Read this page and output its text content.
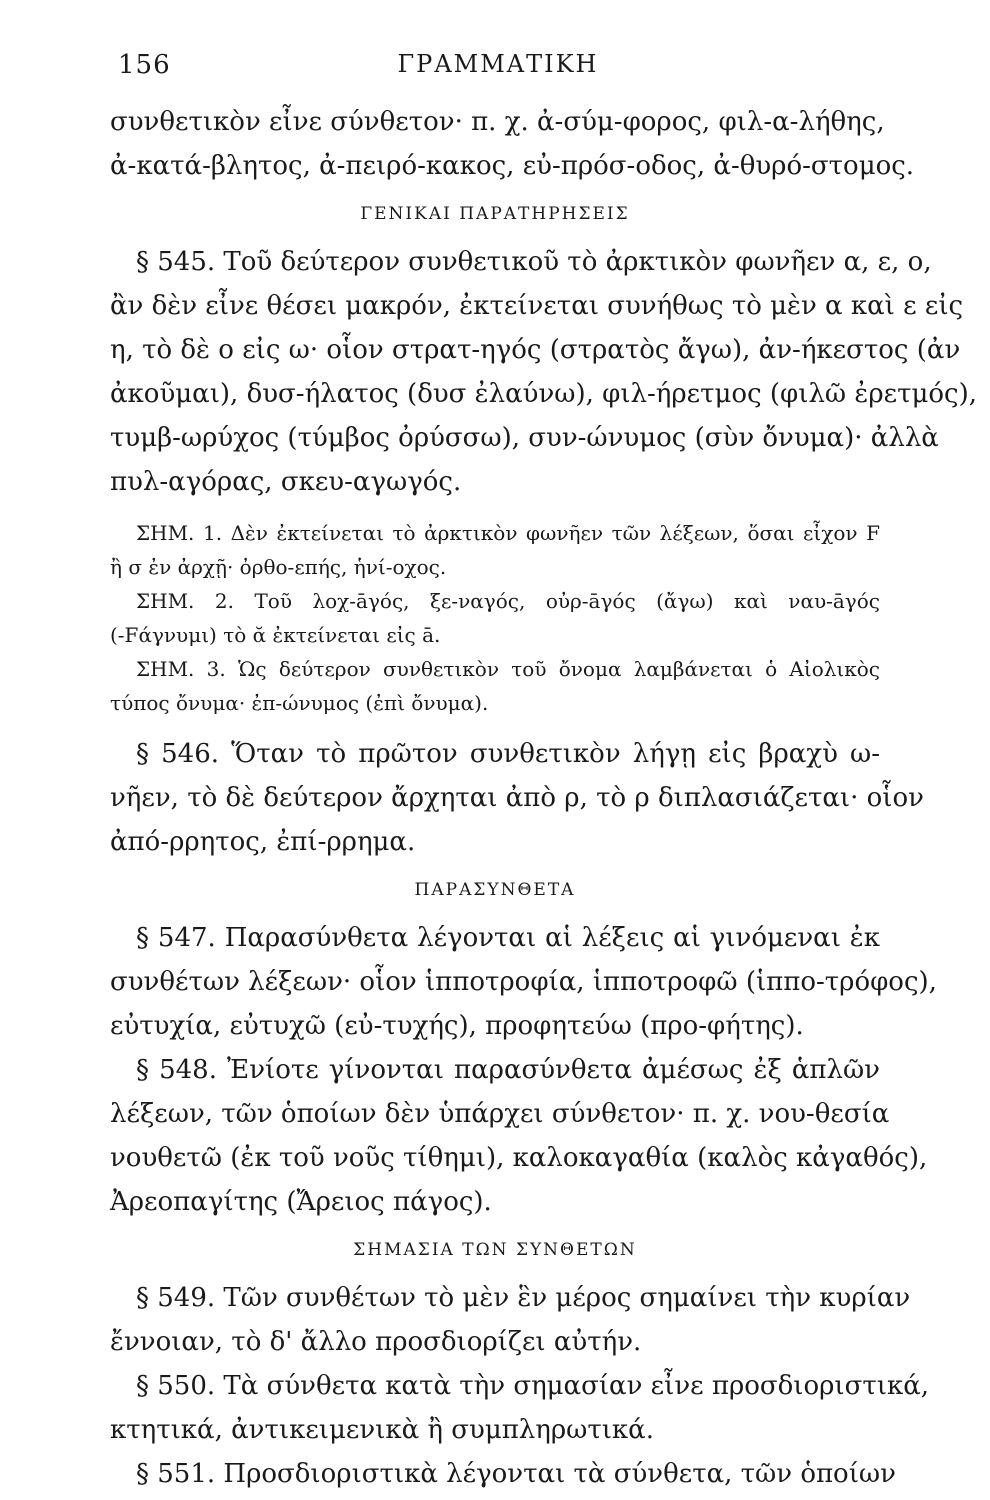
156	ΓΡΑΜΜΑΤΙΚΗ
συνθετικὸν εἶνε σύνθετον· π. χ. ἀ-σύμ-φορος, φιλ-α-λήθης,
ἀ-κατά-βλητος, ἀ-πειρό-κακος, εὐ-πρόσ-οδος, ἀ-θυρό-στομος.
ΓΕΝΙΚΑΙ ΠΑΡΑΤΗΡΗΣΕΙΣ
§ 545. Τοῦ δεύτερον συνθετικοῦ τὸ ἀρκτικὸν φωνῆεν α, ε, ο,
ἂν δὲν εἶνε θέσει μακρόν, ἐκτείνεται συνήθως τὸ μὲν α καὶ ε εἰς
η, τὸ δὲ ο εἰς ω· οἷον στρατ-ηγός (στρατὸς ἄγω), ἀν-ήκεστος (ἀν
ἀκοῦμαι), δυσ-ήλατος (δυσ ἐλαύνω), φιλ-ήρετμος (φιλῶ ἐρετμός),
τυμβ-ωρύχος (τύμβος ὀρύσσω), συν-ώνυμος (σὺν ὄνυμα)· ἀλλὰ
πυλ-αγόρας, σκευ-αγωγός.
ΣΗΜ. 1. Δὲν ἐκτείνεται τὸ ἀρκτικὸν φωνῆεν τῶν λέξεων, ὅσαι εἶχον F
ἢ σ ἐν ἀρχῇ· ὀρθο-επής, ἡνί-οχος.
ΣΗΜ. 2. Τοῦ λοχ-āγός, ξε-ναγός, οὐρ-āγός (ἄγω) καὶ ναυ-āγός
(-Fάγνυμι) τὸ ᾰ ἐκτείνεται εἰς ā.
ΣΗΜ. 3. Ὡς δεύτερον συνθετικὸν τοῦ ὄνομα λαμβάνεται ὁ Αἰολικὸς
τύπος ὄνυμα· ἐπ-ώνυμος (ἐπὶ ὄνυμα).
§ 546. Ὅταν τὸ πρῶτον συνθετικὸν λήγῃ εἰς βραχὺ ω-
νῆεν, τὸ δὲ δεύτερον ἄρχηται ἀπὸ ρ, τὸ ρ διπλασιάζεται· οἷον
ἀπό-ρρητος, ἐπί-ρρημα.
ΠΑΡΑΣΥΝΘΕΤΑ
§ 547. Παρασύνθετα λέγονται αἱ λέξεις αἱ γινόμεναι ἐκ
συνθέτων λέξεων· οἷον ἱπποτροφία, ἱπποτροφῶ (ἱππο-τρόφος),
εὐτυχία, εὐτυχῶ (εὐ-τυχής), προφητεύω (προ-φήτης).
§ 548. Ἐνίοτε γίνονται παρασύνθετα ἀμέσως ἐξ ἁπλῶν
λέξεων, τῶν ὁποίων δὲν ὑπάρχει σύνθετον· π. χ. νου-θεσία
νουθετῶ (ἐκ τοῦ νοῦς τίθημι), καλοκαγαθία (καλὸς κἀγαθός),
Ἀρεοπαγίτης (Ἄρειος πάγος).
ΣΗΜΑΣΙΑ ΤΩΝ ΣΥΝΘΕΤΩΝ
§ 549. Τῶν συνθέτων τὸ μὲν ἓν μέρος σημαίνει τὴν κυρίαν
ἔννοιαν, τὸ δ' ἄλλο προσδιορίζει αὐτήν.
§ 550. Τὰ σύνθετα κατὰ τὴν σημασίαν εἶνε προσδιοριστικά,
κτητικά, ἀντικειμενικὰ ἢ συμπληρωτικά.
§ 551. Προσδιοριστικὰ λέγονται τὰ σύνθετα, τῶν ὁποίων
